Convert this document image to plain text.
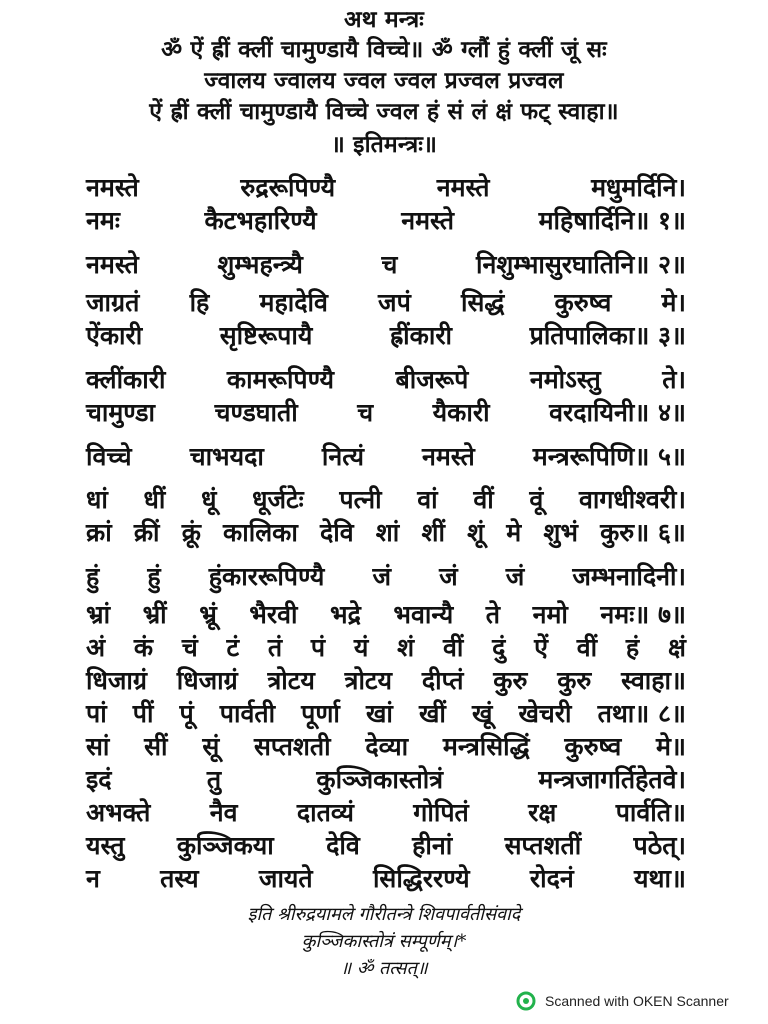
अथ मन्त्रः
ॐ ऐं ह्रीं क्लीं चामुण्डायै विच्चे॥ ॐ ग्लौं हुं क्लीं जूं सः
ज्वालय ज्वालय ज्वल ज्वल प्रज्वल प्रज्वल
ऐं ह्रीं क्लीं चामुण्डायै विच्चे ज्वल हं सं लं क्षं फट् स्वाहा॥
॥ इतिमन्त्रः॥
नमस्ते	रुद्ररूपिण्यै	नमस्ते	मधुमर्दिनि।
नमः	कैटभहारिण्यै	नमस्ते	महिषार्दिनि॥ १॥
नमस्ते	शुम्भहन्त्र्यै	च	निशुम्भासुरघातिनि॥ २॥
जाग्रतं हि महादेवि जपं सिद्धं कुरुष्व मे।
ऐंकारी	सृष्टिरूपायै	ह्रींकारी	प्रतिपालिका॥ ३॥
क्लींकारी कामरूपिण्यै बीजरूपे नमोऽस्तु ते।
चामुण्डा चण्डघाती च यैकारी वरदायिनी॥ ४॥
विच्चे चाभयदा नित्यं नमस्ते मन्त्ररूपिणि॥ ५॥
धां धीं धूं धूर्जटेः पत्नी वां वीं वूं वागधीश्वरी।
क्रां क्रीं क्रूं कालिका देवि शां शीं शूं मे शुभं कुरु॥ ६॥
हुं हुं हुंकाररूपिण्यै जं जं जं जम्भनादिनी।
भ्रां भ्रीं भ्रूं भैरवी भद्रे भवान्यै ते नमो नमः॥ ७॥
अं कं चं टं तं पं यं शं वीं दुं ऐं वीं हं क्षं
धिजाग्रं धिजाग्रं त्रोटय त्रोटय दीप्तं कुरु कुरु स्वाहा॥
पां पीं पूं पार्वती पूर्णा खां खीं खूं खेचरी तथा॥ ८॥
सां सीं सूं सप्तशती देव्या मन्त्रसिद्धिं कुरुष्व मे॥
इदं	तु	कुञ्जिकास्तोत्रं	मन्त्रजागर्तिहेतवे।
अभक्ते नैव दातव्यं गोपितं रक्ष पार्वति॥
यस्तु कुञ्जिकया देवि हीनां सप्तशतीं पठेत्।
न तस्य जायते सिद्धिररण्ये रोदनं यथा॥
इति श्रीरुद्रयामले गौरीतन्त्रे शिवपार्वतीसंवादे
कुञ्जिकास्तोत्रं सम्पूर्णम्।*
॥ ॐ तत्सत्॥
Scanned with OKEN Scanner
